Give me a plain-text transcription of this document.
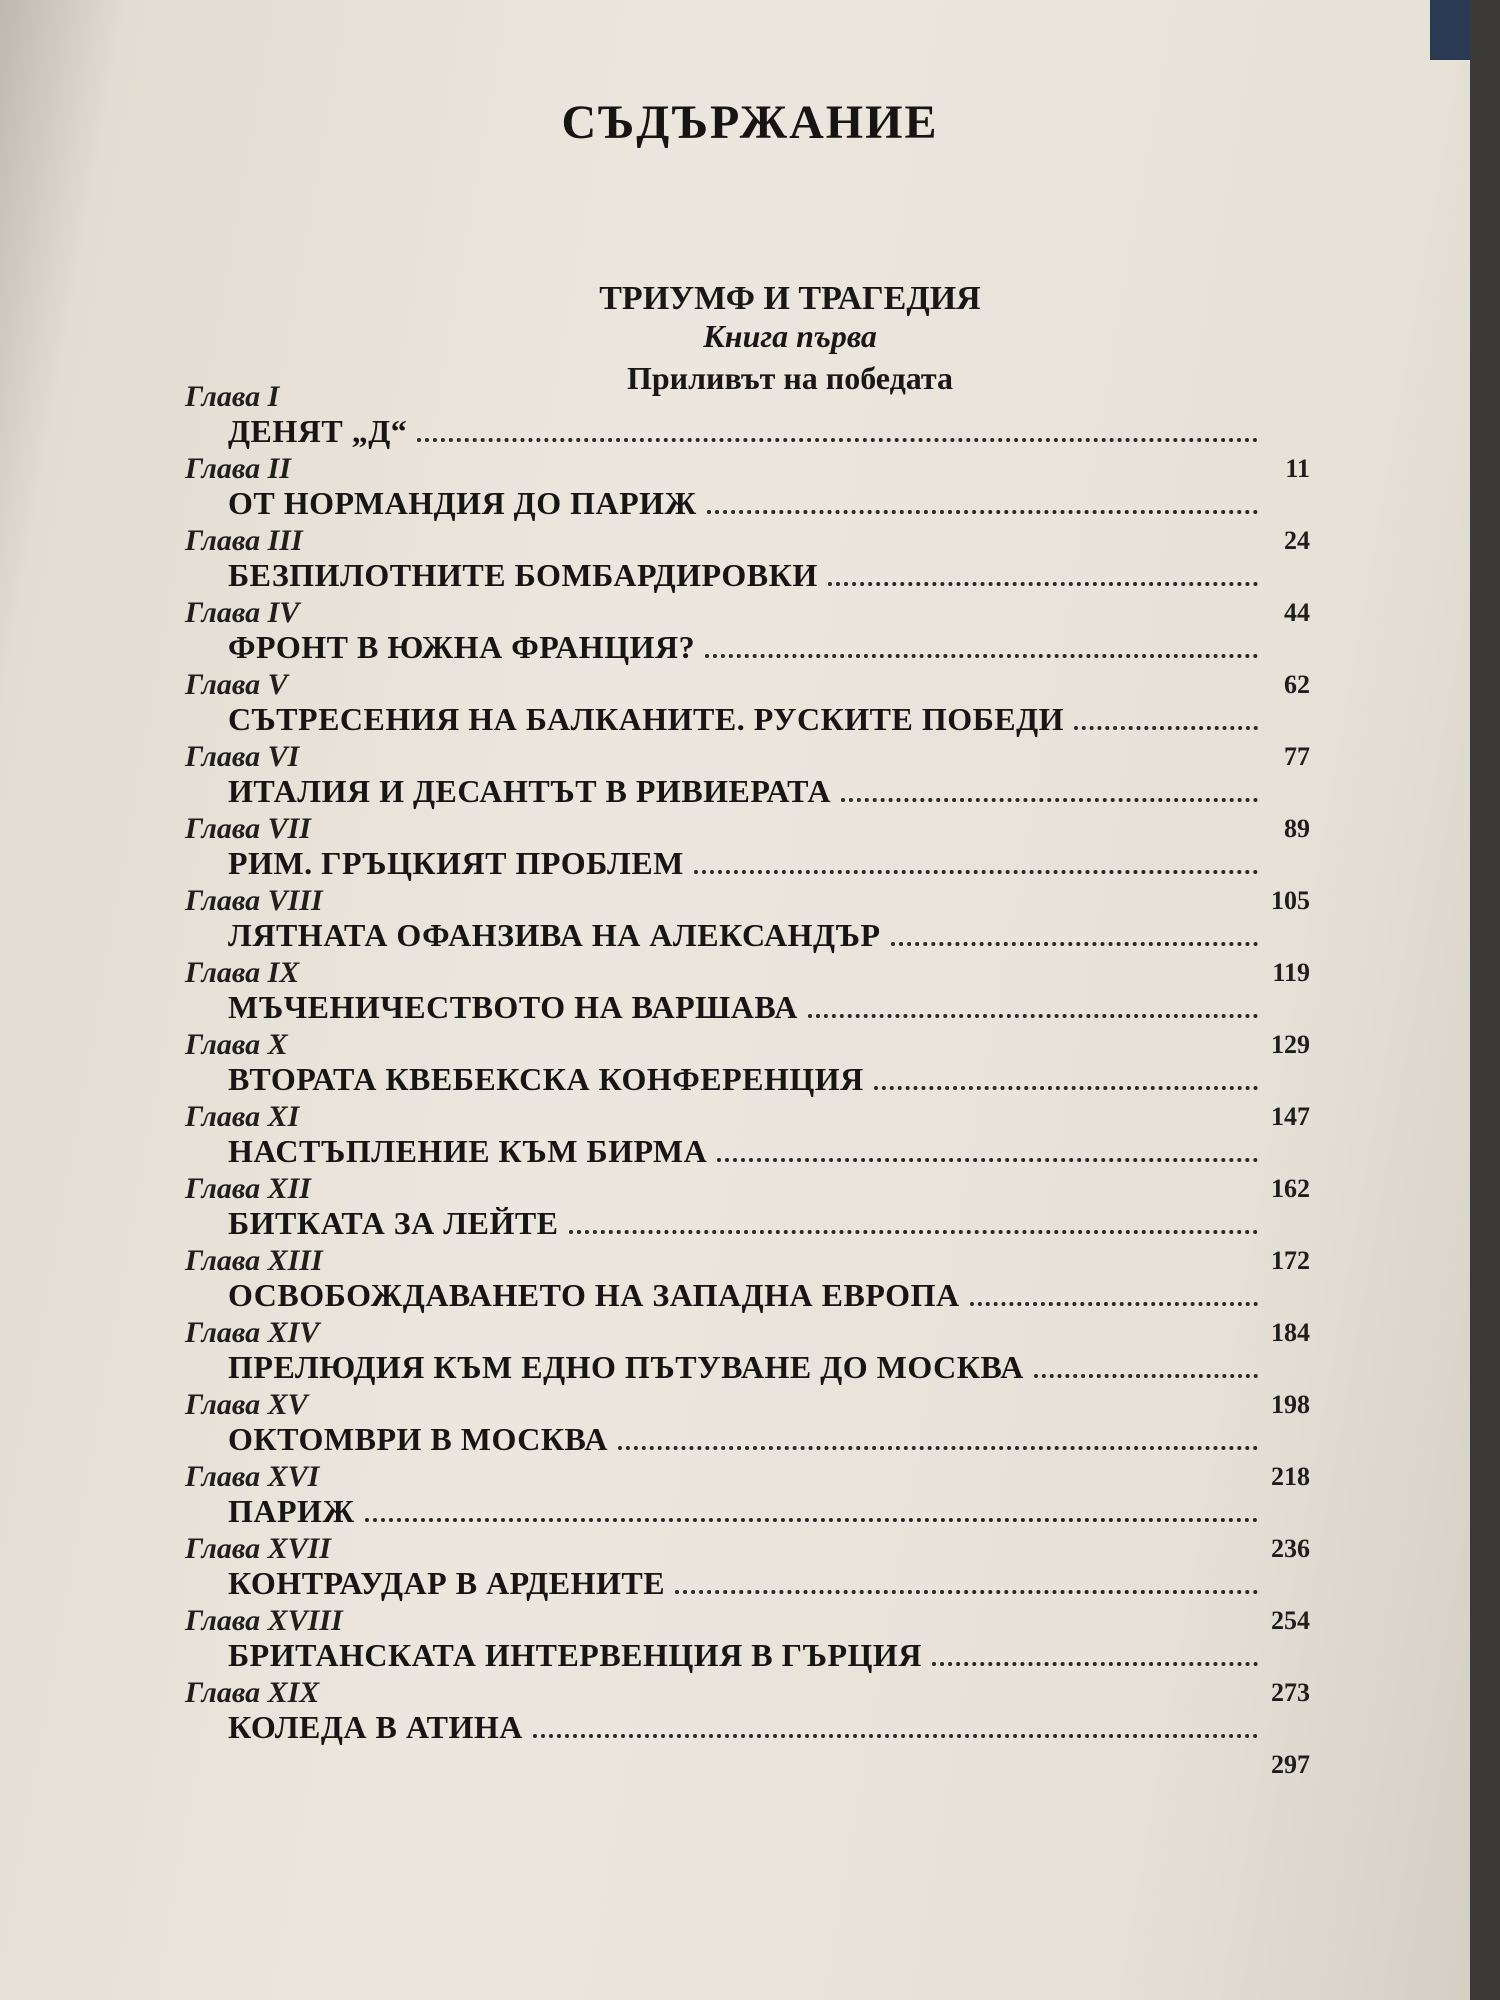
СЪДЪРЖАНИЕ
ТРИУМФ И ТРАГЕДИЯ
Книга първа
Приливът на победата
Глава I
ДЕНЯТ „Д“
11
Глава II
ОТ НОРМАНДИЯ ДО ПАРИЖ
24
Глава III
БЕЗПИЛОТНИТЕ БОМБАРДИРОВКИ
44
Глава IV
ФРОНТ В ЮЖНА ФРАНЦИЯ?
62
Глава V
СЪТРЕСЕНИЯ НА БАЛКАНИТЕ. РУСКИТЕ ПОБЕДИ
77
Глава VI
ИТАЛИЯ И ДЕСАНТЪТ В РИВИЕРАТА
89
Глава VII
РИМ. ГРЪЦКИЯТ ПРОБЛЕМ
105
Глава VIII
ЛЯТНАТА ОФАНЗИВА НА АЛЕКСАНДЪР
119
Глава IX
МЪЧЕНИЧЕСТВОТО НА ВАРШАВА
129
Глава X
ВТОРАТА КВЕБЕКСКА КОНФЕРЕНЦИЯ
147
Глава XI
НАСТЪПЛЕНИЕ КЪМ БИРМА
162
Глава XII
БИТКАТА ЗА ЛЕЙТЕ
172
Глава XIII
ОСВОБОЖДАВАНЕТО НА ЗАПАДНА ЕВРОПА
184
Глава XIV
ПРЕЛЮДИЯ КЪМ ЕДНО ПЪТУВАНЕ ДО МОСКВА
198
Глава XV
ОКТОМВРИ В МОСКВА
218
Глава XVI
ПАРИЖ
236
Глава XVII
КОНТРАУДАР В АРДЕНИТЕ
254
Глава XVIII
БРИТАНСКАТА ИНТЕРВЕНЦИЯ В ГЪРЦИЯ
273
Глава XIX
КОЛЕДА В АТИНА
297
